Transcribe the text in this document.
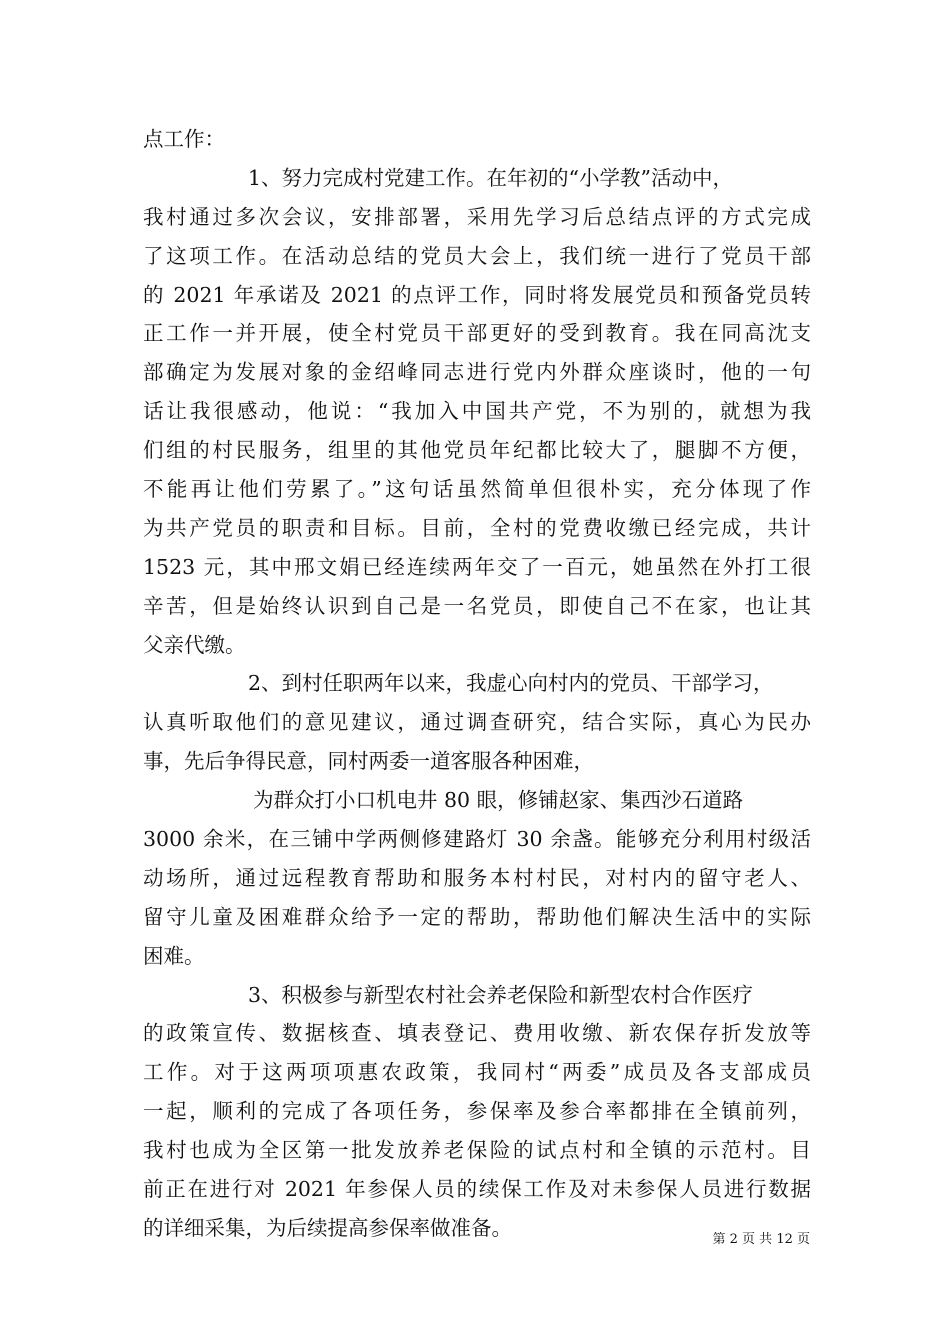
点工作：
1、努力完成村党建工作。在年初的“小学教”活动中，
我村通过多次会议，安排部署，采用先学习后总结点评的方式完成
了这项工作。在活动总结的党员大会上，我们统一进行了党员干部
的 2021 年承诺及 2021 的点评工作，同时将发展党员和预备党员转
正工作一并开展，使全村党员干部更好的受到教育。我在同高沈支
部确定为发展对象的金绍峰同志进行党内外群众座谈时，他的一句
话让我很感动，他说：“我加入中国共产党，不为别的，就想为我
们组的村民服务，组里的其他党员年纪都比较大了，腿脚不方便，
不能再让他们劳累了。”这句话虽然简单但很朴实，充分体现了作
为共产党员的职责和目标。目前，全村的党费收缴已经完成，共计
1523 元，其中邢文娟已经连续两年交了一百元，她虽然在外打工很
辛苦，但是始终认识到自己是一名党员，即使自己不在家，也让其
父亲代缴。
2、到村任职两年以来，我虚心向村内的党员、干部学习，
认真听取他们的意见建议，通过调查研究，结合实际，真心为民办
事，先后争得民意，同村两委一道客服各种困难，
为群众打小口机电井 80 眼，修铺赵家、集西沙石道路
3000 余米，在三铺中学两侧修建路灯 30 余盏。能够充分利用村级活
动场所，通过远程教育帮助和服务本村村民，对村内的留守老人、
留守儿童及困难群众给予一定的帮助，帮助他们解决生活中的实际
困难。
3、积极参与新型农村社会养老保险和新型农村合作医疗
的政策宣传、数据核查、填表登记、费用收缴、新农保存折发放等
工作。对于这两项项惠农政策，我同村“两委”成员及各支部成员
一起，顺利的完成了各项任务，参保率及参合率都排在全镇前列，
我村也成为全区第一批发放养老保险的试点村和全镇的示范村。目
前正在进行对 2021 年参保人员的续保工作及对未参保人员进行数据
的详细采集，为后续提高参保率做准备。	第 2 页 共 12 页
